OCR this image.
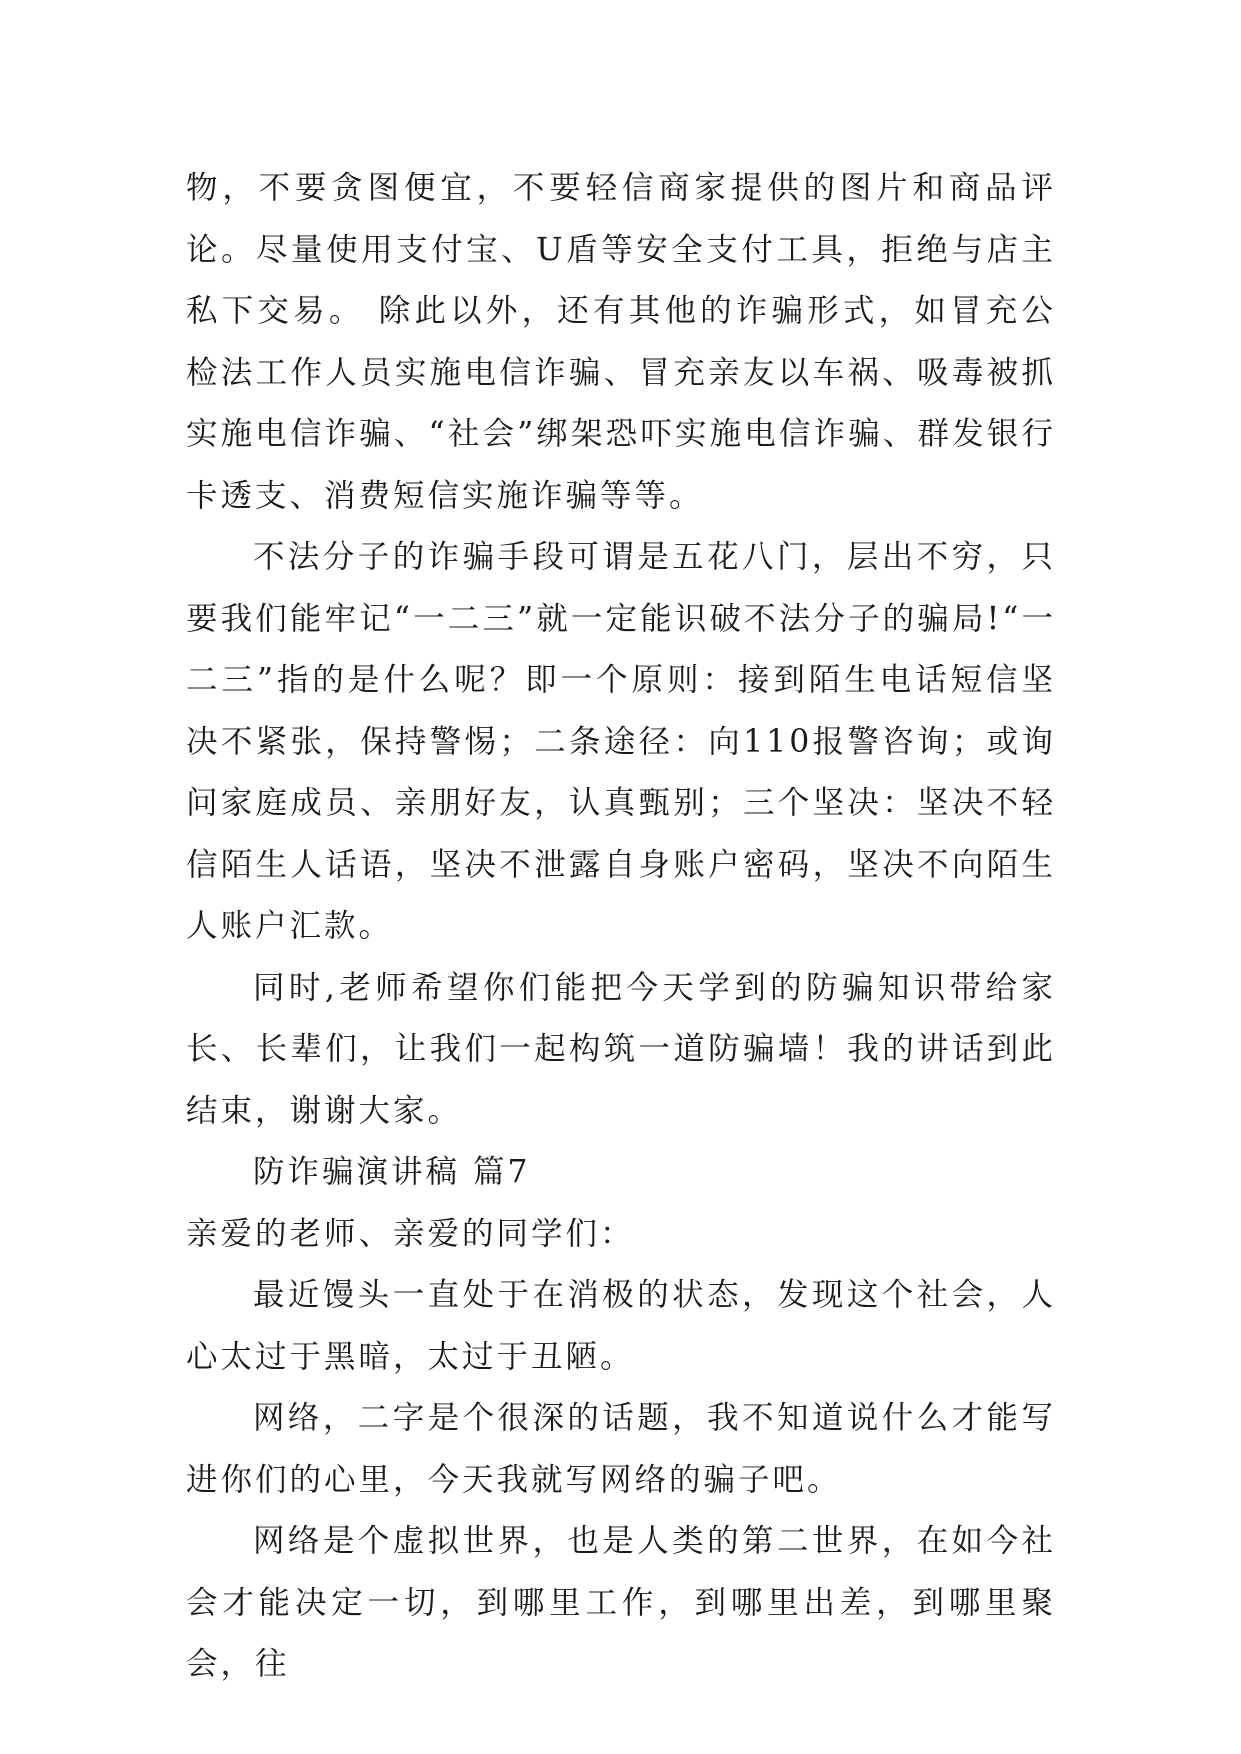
物，不要贪图便宜，不要轻信商家提供的图片和商品评论。尽量使用支付宝、U盾等安全支付工具，拒绝与店主私下交易。 除此以外，还有其他的诈骗形式，如冒充公检法工作人员实施电信诈骗、冒充亲友以车祸、吸毒被抓实施电信诈骗、“社会”绑架恐吓实施电信诈骗、群发银行卡透支、消费短信实施诈骗等等。

不法分子的诈骗手段可谓是五花八门，层出不穷，只要我们能牢记“一二三”就一定能识破不法分子的骗局!“一二三”指的是什么呢？即一个原则：接到陌生电话短信坚决不紧张，保持警惕；二条途径：向110报警咨询；或询问家庭成员、亲朋好友，认真甄别；三个坚决：坚决不轻信陌生人话语，坚决不泄露自身账户密码，坚决不向陌生人账户汇款。

同时,老师希望你们能把今天学到的防骗知识带给家长、长辈们，让我们一起构筑一道防骗墙！我的讲话到此结束，谢谢大家。

防诈骗演讲稿 篇7

亲爱的老师、亲爱的同学们：

最近馒头一直处于在消极的状态，发现这个社会，人心太过于黑暗，太过于丑陋。

网络，二字是个很深的话题，我不知道说什么才能写进你们的心里，今天我就写网络的骗子吧。

网络是个虚拟世界，也是人类的第二世界，在如今社会才能决定一切，到哪里工作，到哪里出差，到哪里聚会，往
